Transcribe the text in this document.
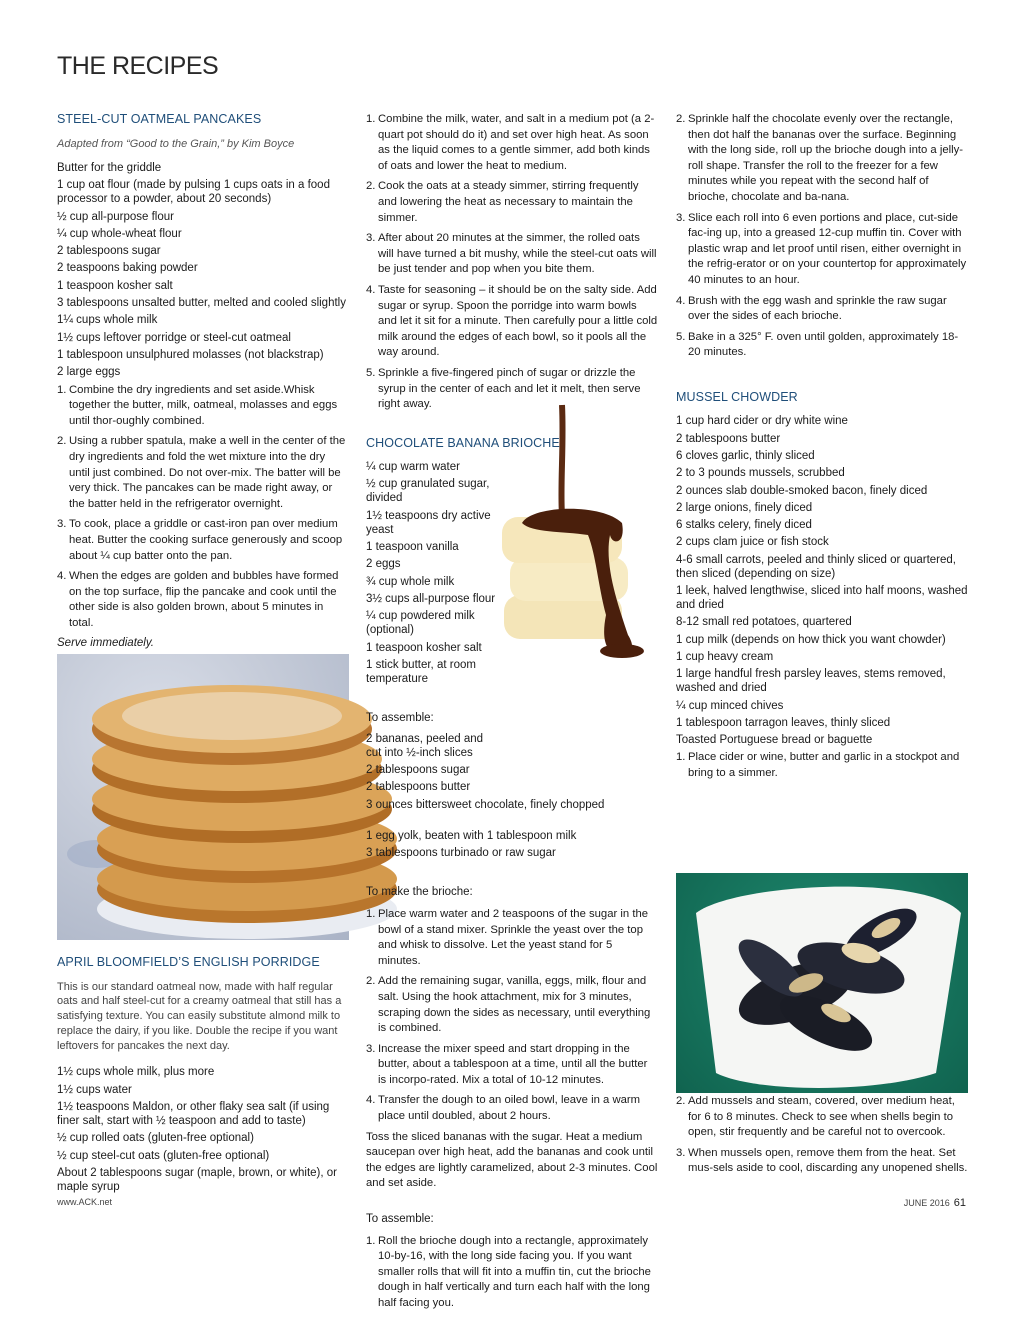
THE RECIPES
STEEL-CUT OATMEAL PANCAKES
Adapted from “Good to the Grain,” by Kim Boyce
Butter for the griddle
1 cup oat flour (made by pulsing 1 cups oats in a food processor to a powder, about 20 seconds)
½ cup all-purpose flour
¼ cup whole-wheat flour
2 tablespoons sugar
2 teaspoons baking powder
1 teaspoon kosher salt
3 tablespoons unsalted butter, melted and cooled slightly
1¼ cups whole milk
1½ cups leftover porridge or steel-cut oatmeal
1 tablespoon unsulphured molasses (not blackstrap)
2 large eggs
1. Combine the dry ingredients and set aside.Whisk together the butter, milk, oatmeal, molasses and eggs until thor-oughly combined.
2. Using a rubber spatula, make a well in the center of the dry ingredients and fold the wet mixture into the dry until just combined. Do not over-mix. The batter will be very thick. The pancakes can be made right away, or the batter held in the refrigerator overnight.
3. To cook, place a griddle or cast-iron pan over medium heat. Butter the cooking surface generously and scoop about ¼ cup batter onto the pan.
4. When the edges are golden and bubbles have formed on the top surface, flip the pancake and cook until the other side is also golden brown, about 5 minutes in total.
Serve immediately.
APRIL BLOOMFIELD’S ENGLISH PORRIDGE
This is our standard oatmeal now, made with half regular oats and half steel-cut for a creamy oatmeal that still has a satisfying texture. You can easily substitute almond milk to replace the dairy, if you like. Double the recipe if you want leftovers for pancakes the next day.
1½ cups whole milk, plus more
1½ cups water
1½ teaspoons Maldon, or other flaky sea salt (if using finer salt, start with ½ teaspoon and add to taste)
½ cup rolled oats (gluten-free optional)
½ cup steel-cut oats (gluten-free optional)
About 2 tablespoons sugar (maple, brown, or white), or maple syrup
1. Combine the milk, water, and salt in a medium pot (a 2-quart pot should do it) and set over high heat. As soon as the liquid comes to a gentle simmer, add both kinds of oats and lower the heat to medium.
2. Cook the oats at a steady simmer, stirring frequently and lowering the heat as necessary to maintain the simmer.
3. After about 20 minutes at the simmer, the rolled oats will have turned a bit mushy, while the steel-cut oats will be just tender and pop when you bite them.
4. Taste for seasoning – it should be on the salty side. Add sugar or syrup. Spoon the porridge into warm bowls and let it sit for a minute. Then carefully pour a little cold milk around the edges of each bowl, so it pools all the way around.
5. Sprinkle a five-fingered pinch of sugar or drizzle the syrup in the center of each and let it melt, then serve right away.
CHOCOLATE BANANA BRIOCHE
¼ cup warm water
½ cup granulated sugar, divided
1½ teaspoons dry active yeast
1 teaspoon vanilla
2 eggs
¾ cup whole milk
3½ cups all-purpose flour
¼ cup powdered milk (optional)
1 teaspoon kosher salt
1 stick butter, at room temperature
To assemble:
2 bananas, peeled and cut into ½-inch slices
2 tablespoons sugar
2 tablespoons butter
3 ounces bittersweet chocolate, finely chopped
1 egg yolk, beaten with 1 tablespoon milk
3 tablespoons turbinado or raw sugar
To make the brioche:
1. Place warm water and 2 teaspoons of the sugar in the bowl of a stand mixer. Sprinkle the yeast over the top and whisk to dissolve. Let the yeast stand for 5 minutes.
2. Add the remaining sugar, vanilla, eggs, milk, flour and salt. Using the hook attachment, mix for 3 minutes, scraping down the sides as necessary, until everything is combined.
3. Increase the mixer speed and start dropping in the butter, about a tablespoon at a time, until all the butter is incorpo-rated. Mix a total of 10-12 minutes.
4. Transfer the dough to an oiled bowl, leave in a warm place until doubled, about 2 hours.
Toss the sliced bananas with the sugar. Heat a medium saucepan over high heat, add the bananas and cook until the edges are lightly caramelized, about 2-3 minutes. Cool and set aside.
To assemble:
1. Roll the brioche dough into a rectangle, approximately 10-by-16, with the long side facing you. If you want smaller rolls that will fit into a muffin tin, cut the brioche dough in half vertically and turn each half with the long half facing you.
2. Sprinkle half the chocolate evenly over the rectangle, then dot half the bananas over the surface. Beginning with the long side, roll up the brioche dough into a jelly-roll shape. Transfer the roll to the freezer for a few minutes while you repeat with the second half of brioche, chocolate and ba-nana.
3. Slice each roll into 6 even portions and place, cut-side fac-ing up, into a greased 12-cup muffin tin. Cover with plastic wrap and let proof until risen, either overnight in the refrig-erator or on your countertop for approximately 40 minutes to an hour.
4. Brush with the egg wash and sprinkle the raw sugar over the sides of each brioche.
5. Bake in a 325° F. oven until golden, approximately 18-20 minutes.
MUSSEL CHOWDER
1 cup hard cider or dry white wine
2 tablespoons butter
6 cloves garlic, thinly sliced
2 to 3 pounds mussels, scrubbed
2 ounces slab double-smoked bacon, finely diced
2 large onions, finely diced
6 stalks celery, finely diced
2 cups clam juice or fish stock
4-6 small carrots, peeled and thinly sliced or quartered, then sliced (depending on size)
1 leek, halved lengthwise, sliced into half moons, washed and dried
8-12 small red potatoes, quartered
1 cup milk (depends on how thick you want chowder)
1 cup heavy cream
1 large handful fresh parsley leaves, stems removed, washed and dried
¼ cup minced chives
1 tablespoon tarragon leaves, thinly sliced
Toasted Portuguese bread or baguette
1. Place cider or wine, butter and garlic in a stockpot and bring to a simmer.
2. Add mussels and steam, covered, over medium heat, for 6 to 8 minutes. Check to see when shells begin to open, stir frequently and be careful not to overcook.
3. When mussels open, remove them from the heat. Set mus-sels aside to cool, discarding any unopened shells.
www.ACK.net	JUNE 2016 61
